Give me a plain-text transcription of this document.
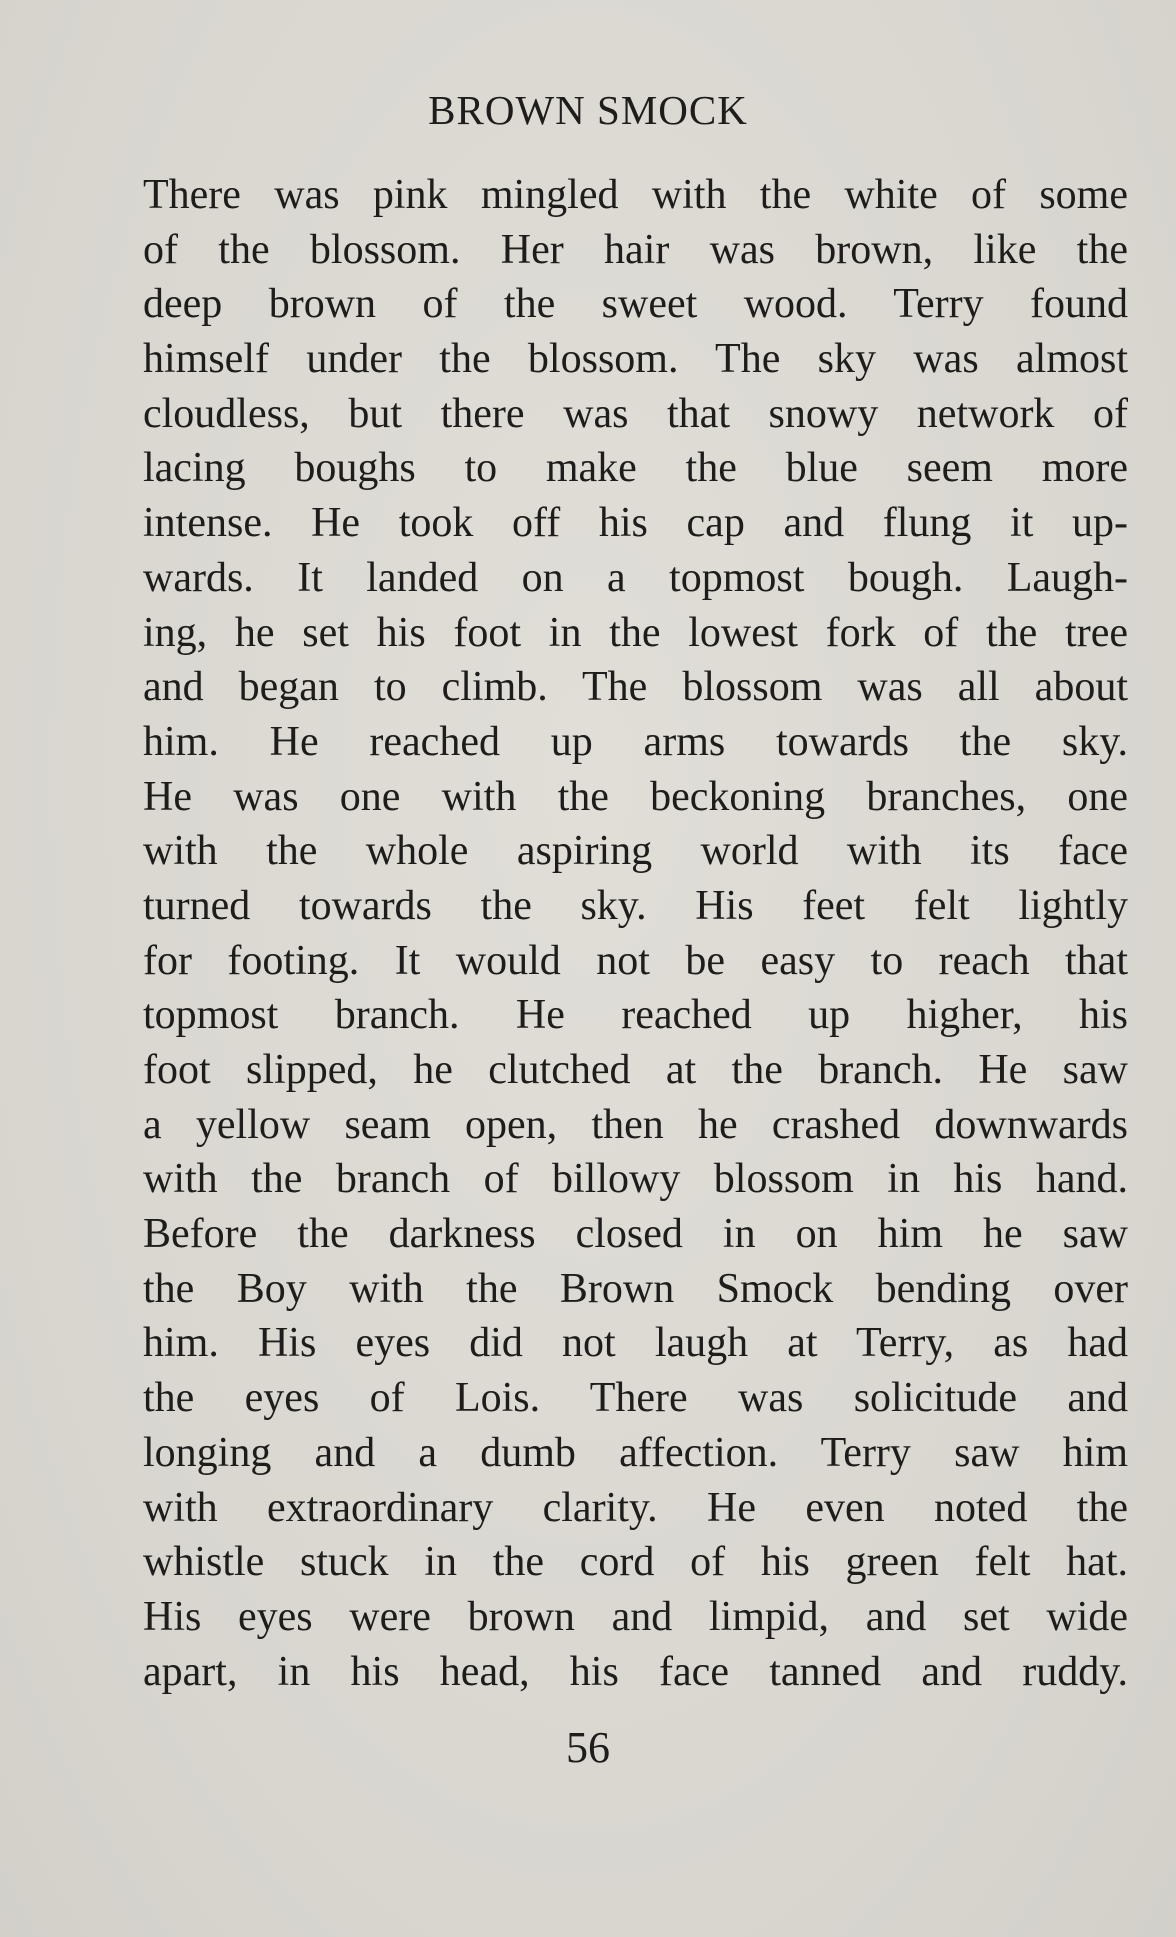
BROWN SMOCK
There was pink mingled with the white of some
of the blossom. Her hair was brown, like the
deep brown of the sweet wood. Terry found
himself under the blossom. The sky was almost
cloudless, but there was that snowy network of
lacing boughs to make the blue seem more
intense. He took off his cap and flung it up-
wards. It landed on a topmost bough. Laugh-
ing, he set his foot in the lowest fork of the tree
and began to climb. The blossom was all about
him. He reached up arms towards the sky.
He was one with the beckoning branches, one
with the whole aspiring world with its face
turned towards the sky. His feet felt lightly
for footing. It would not be easy to reach that
topmost branch. He reached up higher, his
foot slipped, he clutched at the branch. He saw
a yellow seam open, then he crashed downwards
with the branch of billowy blossom in his hand.
Before the darkness closed in on him he saw
the Boy with the Brown Smock bending over
him. His eyes did not laugh at Terry, as had
the eyes of Lois. There was solicitude and
longing and a dumb affection. Terry saw him
with extraordinary clarity. He even noted the
whistle stuck in the cord of his green felt hat.
His eyes were brown and limpid, and set wide
apart, in his head, his face tanned and ruddy.
56
